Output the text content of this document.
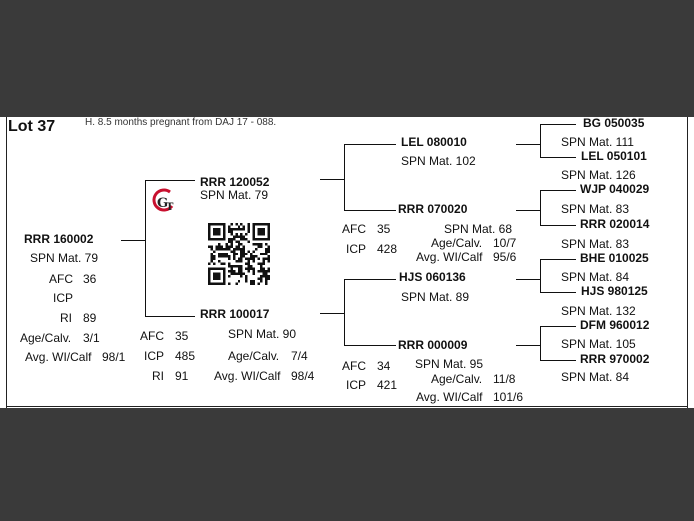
Lot 37	H. 8.5 months pregnant from DAJ 17 - 088.
RRR 160002
SPN Mat. 79
AFC 36
ICP
RI 89
Age/Calv. 3/1
Avg. WI/Calf 98/1
RRR 120052
SPN Mat. 79
G
T
RRR 100017
SPN Mat. 90
AFC 35
ICP 485
RI 91
Age/Calv. 7/4
Avg. WI/Calf 98/4
LEL 080010
SPN Mat. 102
RRR 070020
SPN Mat. 68
AFC 35
ICP 428	Age/Calv. 10/7
Avg. WI/Calf 95/6
HJS 060136
SPN Mat. 89
RRR 000009
SPN Mat. 95
AFC 34
ICP 421	Age/Calv. 11/8
Avg. WI/Calf 101/6
BG 050035
SPN Mat. 111
LEL 050101
SPN Mat. 126
WJP 040029
SPN Mat. 83
RRR 020014
SPN Mat. 83
BHE 010025
SPN Mat. 84
HJS 980125
SPN Mat. 132
DFM 960012
SPN Mat. 105
RRR 970002
SPN Mat. 84
